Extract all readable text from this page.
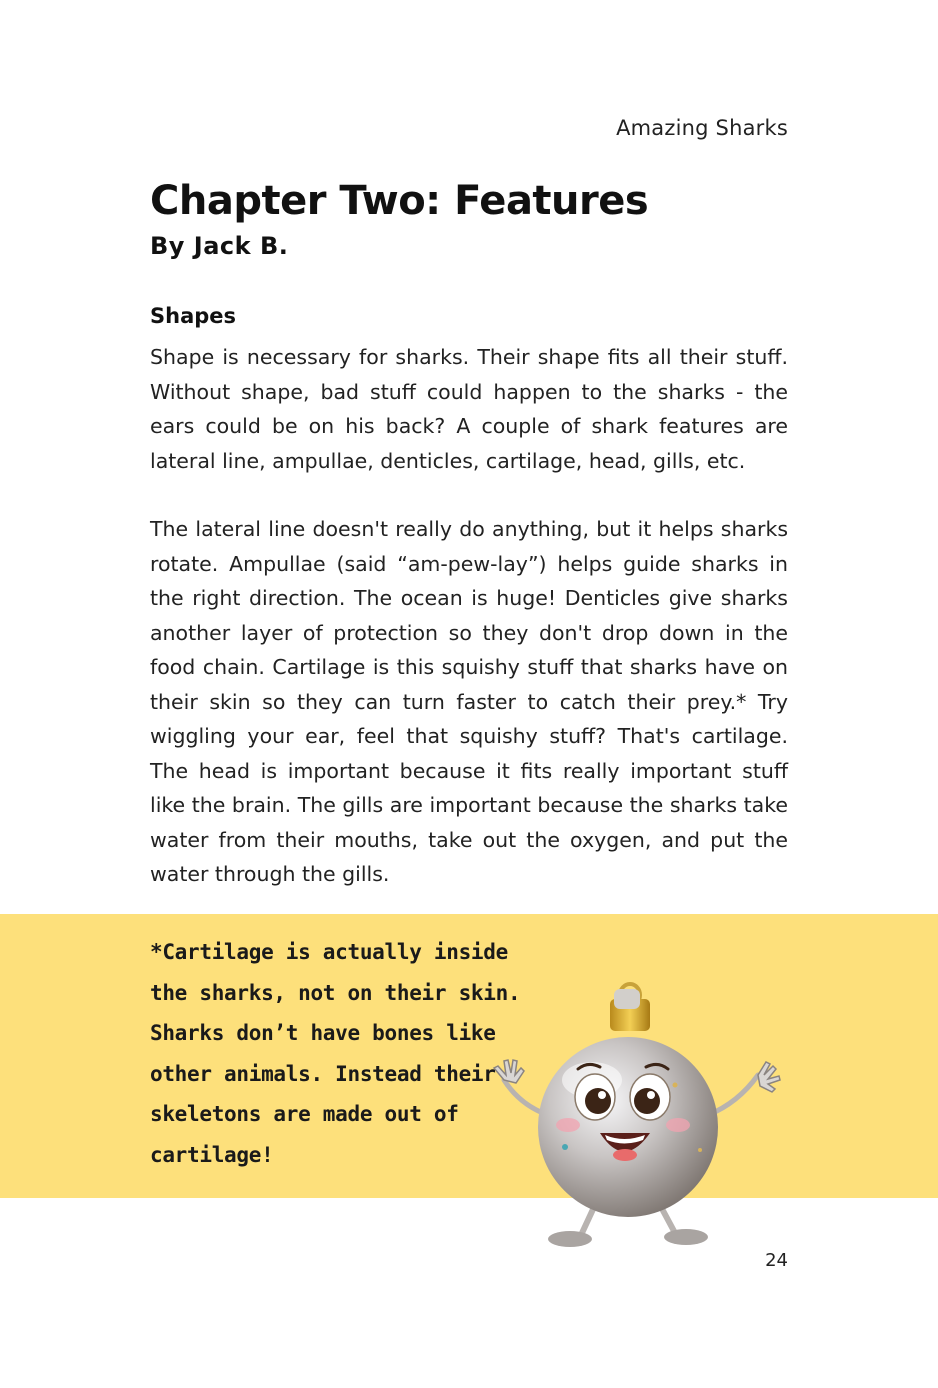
Amazing Sharks
Chapter Two: Features
By Jack B.
Shapes

Shape is necessary for sharks. Their shape fits all their stuff. Without shape, bad stuff could happen to the sharks - the ears could be on his back? A couple of shark features are lateral line, ampullae, denticles, cartilage, head, gills, etc.

The lateral line doesn't really do anything, but it helps sharks rotate. Ampullae (said “am-pew-lay”) helps guide sharks in the right direction. The ocean is huge! Denticles give sharks another layer of protection so they don't drop down in the food chain. Cartilage is this squishy stuff that sharks have on their skin so they can turn faster to catch their prey.* Try wiggling your ear, feel that squishy stuff? That's cartilage. The head is important because it fits really important stuff like the brain. The gills are important because the sharks take water from their mouths, take out the oxygen, and put the water through the gills.

*Cartilage is actually inside the sharks, not on their skin. Sharks don’t have bones like other animals. Instead their skeletons are made out of cartilage!

24
